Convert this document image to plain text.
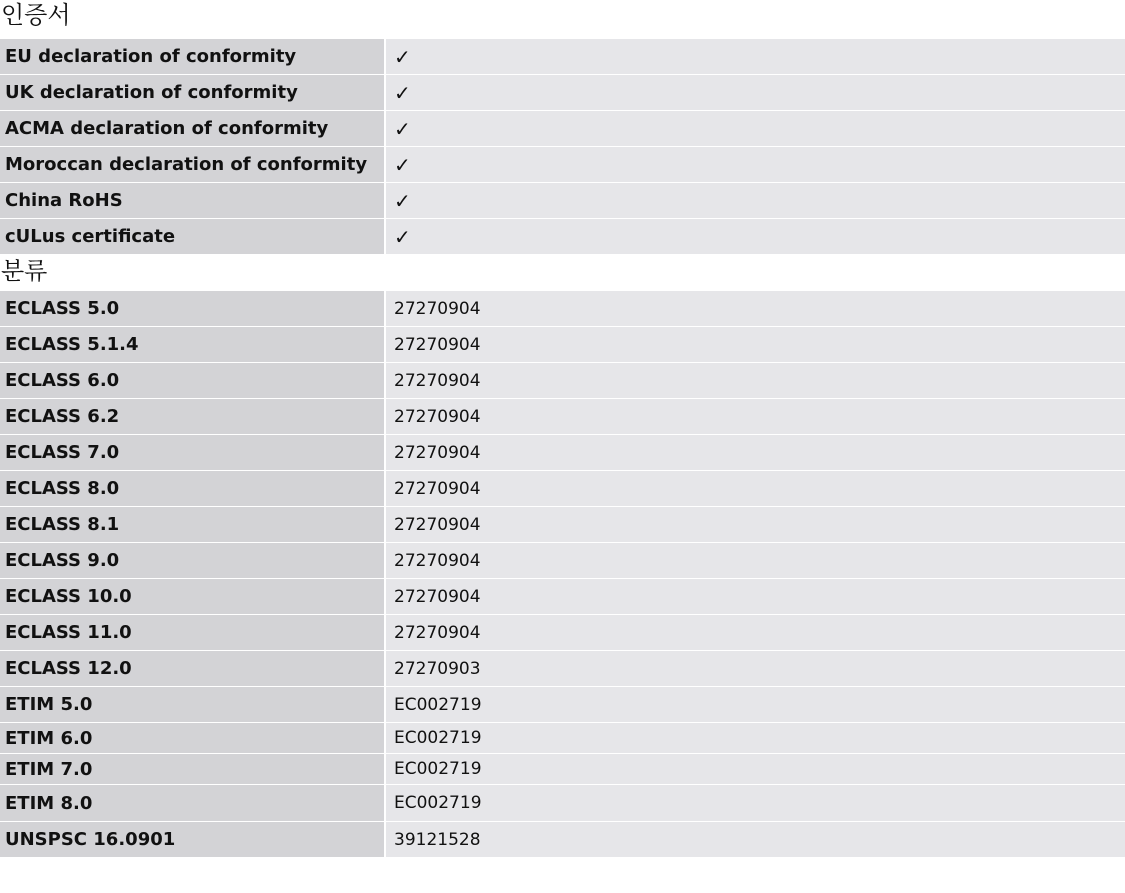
인증서
EU declaration of conformity	✓
UK declaration of conformity	✓
ACMA declaration of conformity	✓
Moroccan declaration of conformity	✓
China RoHS	✓
cULus certificate	✓
분류
ECLASS 5.0	27270904
ECLASS 5.1.4	27270904
ECLASS 6.0	27270904
ECLASS 6.2	27270904
ECLASS 7.0	27270904
ECLASS 8.0	27270904
ECLASS 8.1	27270904
ECLASS 9.0	27270904
ECLASS 10.0	27270904
ECLASS 11.0	27270904
ECLASS 12.0	27270903
ETIM 5.0	EC002719
ETIM 6.0	EC002719
ETIM 7.0	EC002719
ETIM 8.0	EC002719
UNSPSC 16.0901	39121528
